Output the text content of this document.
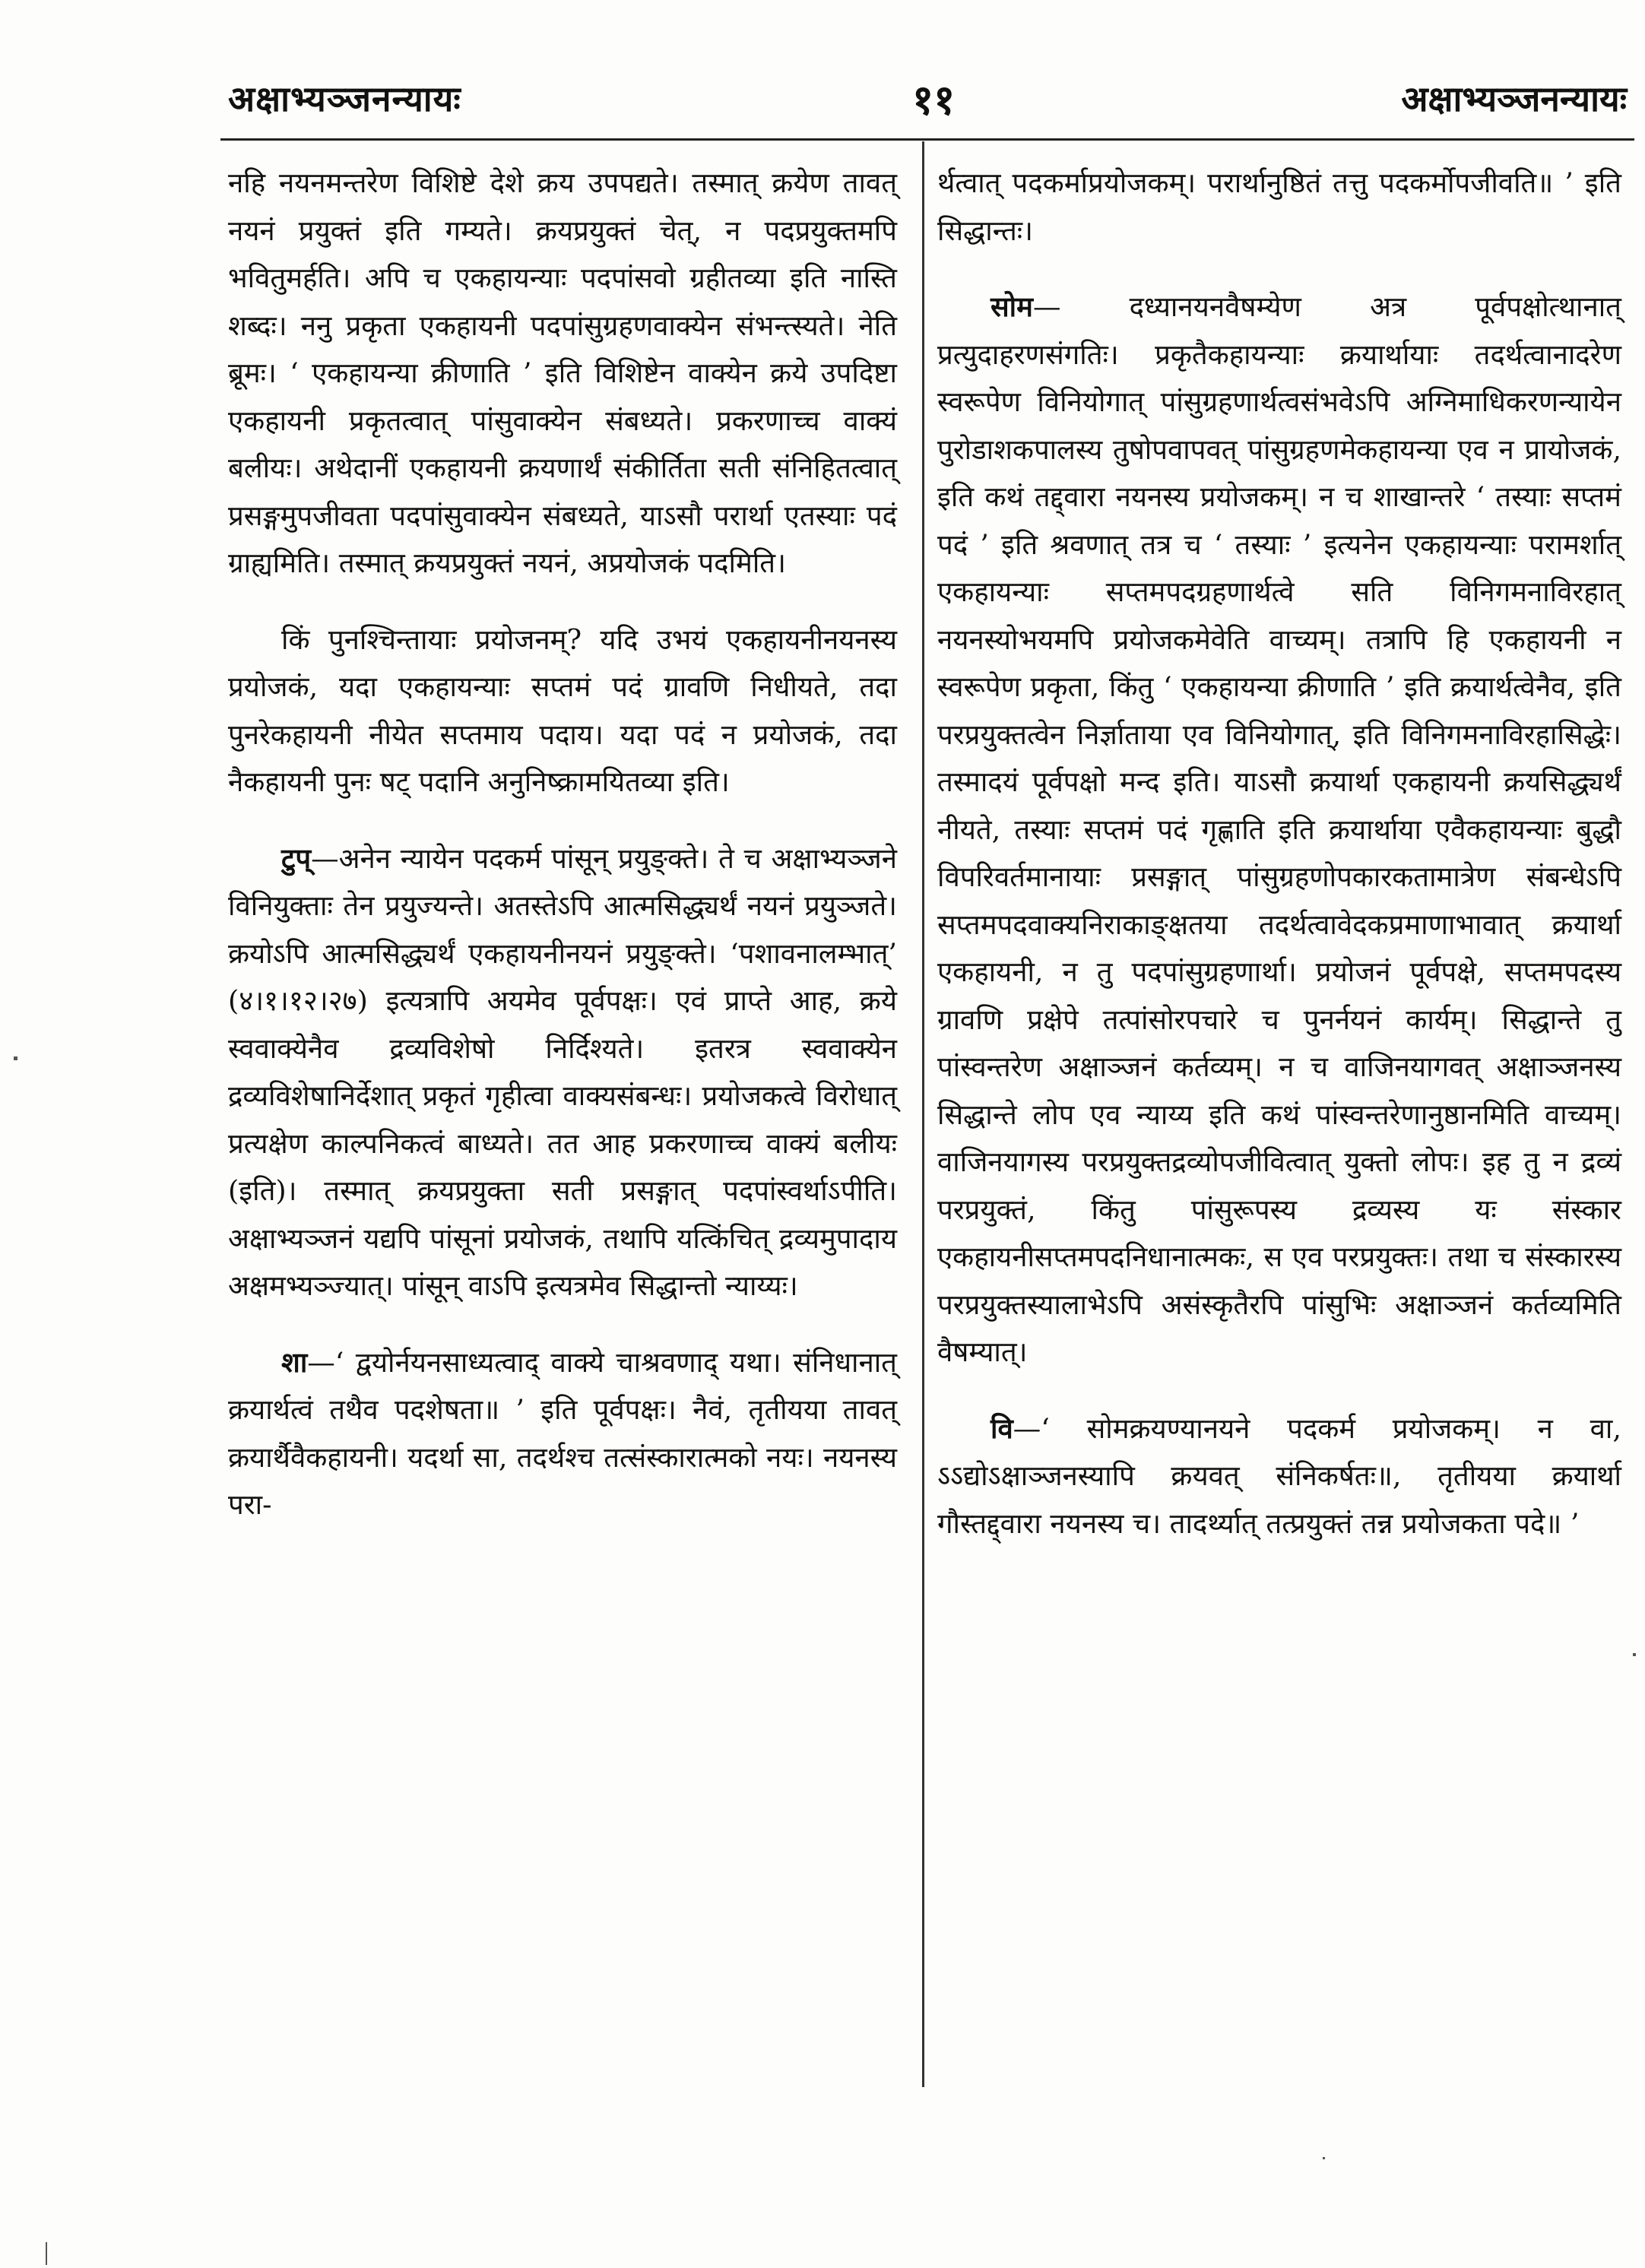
अक्षाभ्यञ्जनन्यायः	११	अक्षाभ्यञ्जनन्यायः

नहि नयनमन्तरेण विशिष्टे देशे क्रय उपपद्यते। तस्मात् क्रयेण तावत् नयनं प्रयुक्तं इति गम्यते। क्रयप्रयुक्तं चेत्, न पदप्रयुक्तमपि भवितुमर्हति। अपि च एकहायन्याः पदपांसवो ग्रहीतव्या इति नास्ति शब्दः। ननु प्रकृता एकहायनी पदपांसुग्रहणवाक्येन संभन्त्स्यते। नेति ब्रूमः। ‘ एकहायन्या क्रीणाति ’ इति विशिष्टेन वाक्येन क्रये उपदिष्टा एकहायनी प्रकृतत्वात् पांसुवाक्येन संबध्यते। प्रकरणाच्च वाक्यं बलीयः। अथेदानीं एकहायनी क्रयणार्थं संकीर्तिता सती संनिहितत्वात् प्रसङ्गमुपजीवता पदपांसुवाक्येन संबध्यते, याऽसौ परार्था एतस्याः पदं ग्राह्यमिति। तस्मात् क्रयप्रयुक्तं नयनं, अप्रयोजकं पदमिति।

किं पुनश्चिन्तायाः प्रयोजनम्? यदि उभयं एकहायनीनयनस्य प्रयोजकं, यदा एकहायन्याः सप्तमं पदं ग्रावणि निधीयते, तदा पुनरेकहायनी नीयेत सप्तमाय पदाय। यदा पदं न प्रयोजकं, तदा नैकहायनी पुनः षट् पदानि अनुनिष्क्रामयितव्या इति।

टुप्—अनेन न्यायेन पदकर्म पांसून् प्रयुङ्क्ते। ते च अक्षाभ्यञ्जने विनियुक्ताः तेन प्रयुज्यन्ते। अतस्तेऽपि आत्मसिद्ध्यर्थं नयनं प्रयुञ्जते। क्रयोऽपि आत्मसिद्ध्यर्थं एकहायनीनयनं प्रयुङ्क्ते। ‘पशावनालम्भात्’ (४।१।१२।२७) इत्यत्रापि अयमेव पूर्वपक्षः। एवं प्राप्ते आह, क्रये स्ववाक्येनैव द्रव्यविशेषो निर्दिश्यते। इतरत्र स्ववाक्येन द्रव्यविशेषानिर्देशात् प्रकृतं गृहीत्वा वाक्यसंबन्धः। प्रयोजकत्वे विरोधात् प्रत्यक्षेण काल्पनिकत्वं बाध्यते। तत आह प्रकरणाच्च वाक्यं बलीयः (इति)। तस्मात् क्रयप्रयुक्ता सती प्रसङ्गात् पदपांस्वर्थाऽपीति। अक्षाभ्यञ्जनं यद्यपि पांसूनां प्रयोजकं, तथापि यत्किंचित् द्रव्यमुपादाय अक्षमभ्यञ्ज्यात्। पांसून् वाऽपि इत्यत्रमेव सिद्धान्तो न्याय्यः।

शा—‘ द्वयोर्नयनसाध्यत्वाद् वाक्ये चाश्रवणाद् यथा। संनिधानात् क्रयार्थत्वं तथैव पदशेषता॥ ’ इति पूर्वपक्षः। नैवं, तृतीयया तावत् क्रयार्थैवैकहायनी। यदर्था सा, तदर्थश्च तत्संस्कारात्मको नयः। नयनस्य परा-

र्थत्वात् पदकर्माप्रयोजकम्। परार्थानुष्ठितं तत्तु पदकर्मोपजीवति॥ ’ इति सिद्धान्तः।

सोम— दध्यानयनवैषम्येण अत्र पूर्वपक्षोत्थानात् प्रत्युदाहरणसंगतिः। प्रकृतैकहायन्याः क्रयार्थायाः तदर्थत्वानादरेण स्वरूपेण विनियोगात् पांसुग्रहणार्थत्वसंभवेऽपि अग्निमाधिकरणन्यायेन पुरोडाशकपालस्य तुषोपवापवत् पांसुग्रहणमेकहायन्या एव न प्रायोजकं, इति कथं तद्द्वारा नयनस्य प्रयोजकम्। न च शाखान्तरे ‘ तस्याः सप्तमं पदं ’ इति श्रवणात् तत्र च ‘ तस्याः ’ इत्यनेन एकहायन्याः परामर्शात् एकहायन्याः सप्तमपदग्रहणार्थत्वे सति विनिगमनाविरहात् नयनस्योभयमपि प्रयोजकमेवेति वाच्यम्। तत्रापि हि एकहायनी न स्वरूपेण प्रकृता, किंतु ‘ एकहायन्या क्रीणाति ’ इति क्रयार्थत्वेनैव, इति परप्रयुक्तत्वेन निर्ज्ञाताया एव विनियोगात्, इति विनिगमनाविरहासिद्धेः। तस्मादयं पूर्वपक्षो मन्द इति। याऽसौ क्रयार्था एकहायनी क्रयसिद्ध्यर्थं नीयते, तस्याः सप्तमं पदं गृह्णाति इति क्रयार्थाया एवैकहायन्याः बुद्धौ विपरिवर्तमानायाः प्रसङ्गात् पांसुग्रहणोपकारकतामात्रेण संबन्धेऽपि सप्तमपदवाक्यनिराकाङ्क्षतया तदर्थत्वावेदकप्रमाणाभावात् क्रयार्था एकहायनी, न तु पदपांसुग्रहणार्था। प्रयोजनं पूर्वपक्षे, सप्तमपदस्य ग्रावणि प्रक्षेपे तत्पांसोरपचारे च पुनर्नयनं कार्यम्। सिद्धान्ते तु पांस्वन्तरेण अक्षाञ्जनं कर्तव्यम्। न च वाजिनयागवत् अक्षाञ्जनस्य सिद्धान्ते लोप एव न्याय्य इति कथं पांस्वन्तरेणानुष्ठानमिति वाच्यम्। वाजिनयागस्य परप्रयुक्तद्रव्योपजीवित्वात् युक्तो लोपः। इह तु न द्रव्यं परप्रयुक्तं, किंतु पांसुरूपस्य द्रव्यस्य यः संस्कार एकहायनीसप्तमपदनिधानात्मकः, स एव परप्रयुक्तः। तथा च संस्कारस्य परप्रयुक्तस्यालाभेऽपि असंस्कृतैरपि पांसुभिः अक्षाञ्जनं कर्तव्यमिति वैषम्यात्।

वि—‘ सोमक्रयण्यानयने पदकर्म प्रयोजकम्। न वा, ऽऽद्योऽक्षाञ्जनस्यापि क्रयवत् संनिकर्षतः॥, तृतीयया क्रयार्था गौस्तद्द्वारा नयनस्य च। तादर्थ्यात् तत्प्रयुक्तं तन्न प्रयोजकता पदे॥ ’
